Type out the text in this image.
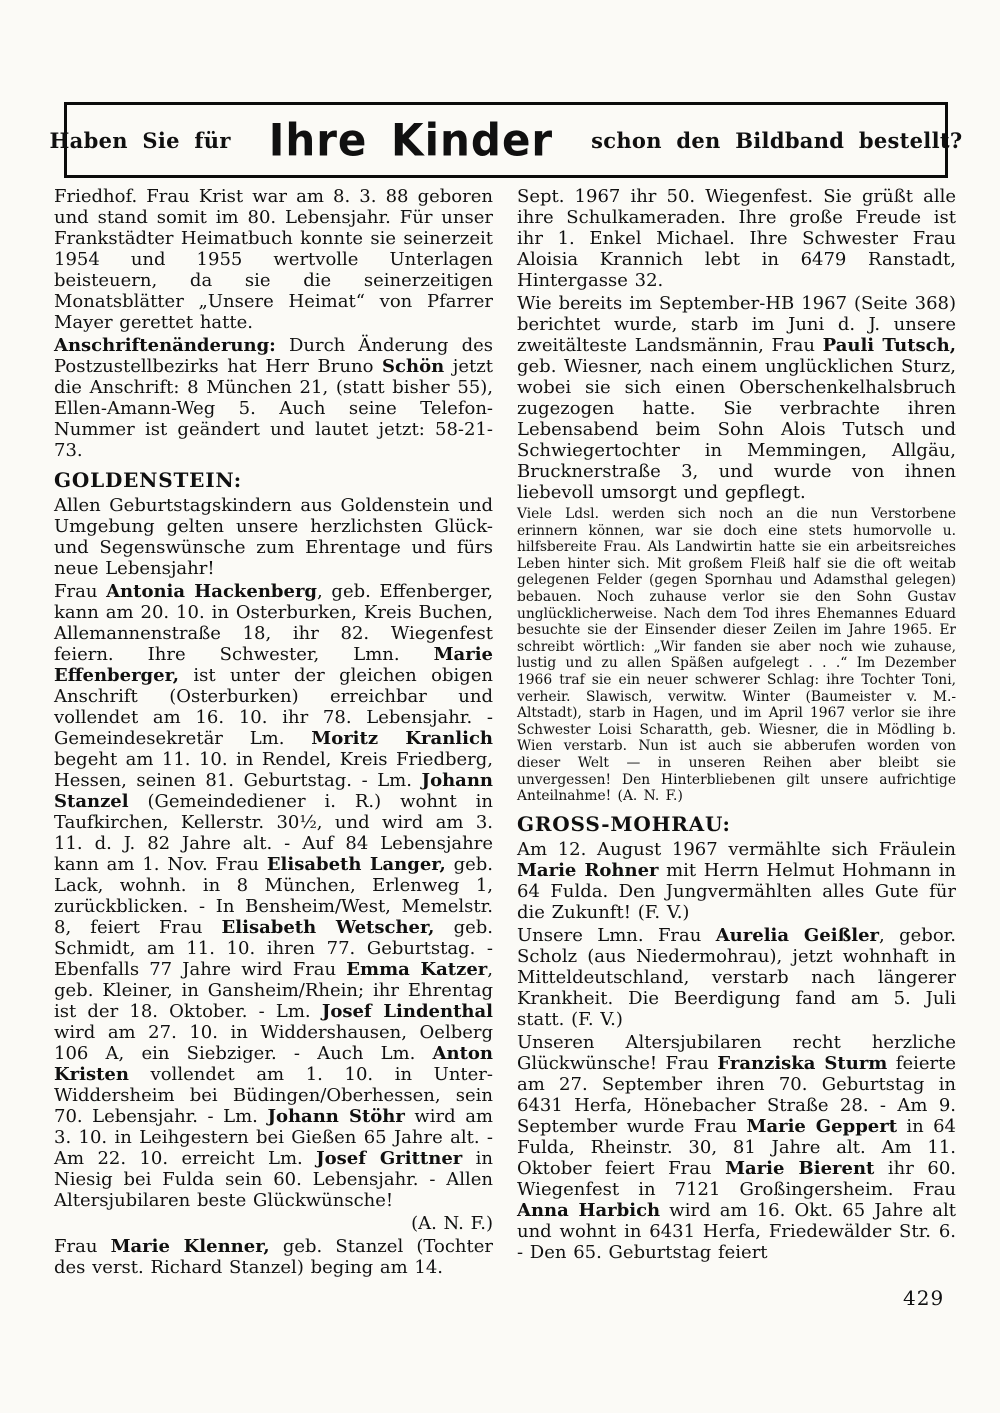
Haben Sie für Ihre Kinder schon den Bildband bestellt?

Friedhof. Frau Krist war am 8. 3. 88 geboren und stand somit im 80. Lebensjahr. Für unser Frankstädter Heimatbuch konnte sie seinerzeit 1954 und 1955 wertvolle Unterlagen beisteuern, da sie die seinerzeitigen Monatsblätter „Unsere Heimat“ von Pfarrer Mayer gerettet hatte.

Anschriftenänderung: Durch Änderung des Postzustellbezirks hat Herr Bruno Schön jetzt die Anschrift: 8 München 21, (statt bisher 55), Ellen-Amann-Weg 5. Auch seine Telefon-Nummer ist geändert und lautet jetzt: 58-21-73.

GOLDENSTEIN:

Allen Geburtstagskindern aus Goldenstein und Umgebung gelten unsere herzlichsten Glück- und Segenswünsche zum Ehrentage und fürs neue Lebensjahr!

Frau Antonia Hackenberg, geb. Effenberger, kann am 20. 10. in Osterburken, Kreis Buchen, Allemannenstraße 18, ihr 82. Wiegenfest feiern. Ihre Schwester, Lmn. Marie Effenberger, ist unter der gleichen obigen Anschrift (Osterburken) erreichbar und vollendet am 16. 10. ihr 78. Lebensjahr. - Gemeindesekretär Lm. Moritz Kranlich begeht am 11. 10. in Rendel, Kreis Friedberg, Hessen, seinen 81. Geburtstag. - Lm. Johann Stanzel (Gemeindediener i. R.) wohnt in Taufkirchen, Kellerstr. 30½, und wird am 3. 11. d. J. 82 Jahre alt. - Auf 84 Lebensjahre kann am 1. Nov. Frau Elisabeth Langer, geb. Lack, wohnh. in 8 München, Erlenweg 1, zurückblicken. - In Bensheim/West, Memelstr. 8, feiert Frau Elisabeth Wetscher, geb. Schmidt, am 11. 10. ihren 77. Geburtstag. - Ebenfalls 77 Jahre wird Frau Emma Katzer, geb. Kleiner, in Gansheim/Rhein; ihr Ehrentag ist der 18. Oktober. - Lm. Josef Lindenthal wird am 27. 10. in Widdershausen, Oelberg 106 A, ein Siebziger. - Auch Lm. Anton Kristen vollendet am 1. 10. in Unter-Widdersheim bei Büdingen/Oberhessen, sein 70. Lebensjahr. - Lm. Johann Stöhr wird am 3. 10. in Leihgestern bei Gießen 65 Jahre alt. - Am 22. 10. erreicht Lm. Josef Grittner in Niesig bei Fulda sein 60. Lebensjahr. - Allen Altersjubilaren beste Glückwünsche!

(A. N. F.)

Frau Marie Klenner, geb. Stanzel (Tochter des verst. Richard Stanzel) beging am 14.

Sept. 1967 ihr 50. Wiegenfest. Sie grüßt alle ihre Schulkameraden. Ihre große Freude ist ihr 1. Enkel Michael. Ihre Schwester Frau Aloisia Krannich lebt in 6479 Ranstadt, Hintergasse 32.

Wie bereits im September-HB 1967 (Seite 368) berichtet wurde, starb im Juni d. J. unsere zweitälteste Landsmännin, Frau Pauli Tutsch, geb. Wiesner, nach einem unglücklichen Sturz, wobei sie sich einen Oberschenkelhalsbruch zugezogen hatte. Sie verbrachte ihren Lebensabend beim Sohn Alois Tutsch und Schwiegertochter in Memmingen, Allgäu, Brucknerstraße 3, und wurde von ihnen liebevoll umsorgt und gepflegt.

Viele Ldsl. werden sich noch an die nun Verstorbene erinnern können, war sie doch eine stets humorvolle u. hilfsbereite Frau. Als Landwirtin hatte sie ein arbeitsreiches Leben hinter sich. Mit großem Fleiß half sie die oft weitab gelegenen Felder (gegen Spornhau und Adamsthal gelegen) bebauen. Noch zuhause verlor sie den Sohn Gustav unglücklicherweise. Nach dem Tod ihres Ehemannes Eduard besuchte sie der Einsender dieser Zeilen im Jahre 1965. Er schreibt wörtlich: „Wir fanden sie aber noch wie zuhause, lustig und zu allen Späßen aufgelegt . . .“ Im Dezember 1966 traf sie ein neuer schwerer Schlag: ihre Tochter Toni, verheir. Slawisch, verwitw. Winter (Baumeister v. M.-Altstadt), starb in Hagen, und im April 1967 verlor sie ihre Schwester Loisi Scharatth, geb. Wiesner, die in Mödling b. Wien verstarb. Nun ist auch sie abberufen worden von dieser Welt — in unseren Reihen aber bleibt sie unvergessen! Den Hinterbliebenen gilt unsere aufrichtige Anteilnahme! (A. N. F.)

GROSS-MOHRAU:

Am 12. August 1967 vermählte sich Fräulein Marie Rohner mit Herrn Helmut Hohmann in 64 Fulda. Den Jungvermählten alles Gute für die Zukunft! (F. V.)

Unsere Lmn. Frau Aurelia Geißler, gebor. Scholz (aus Niedermohrau), jetzt wohnhaft in Mitteldeutschland, verstarb nach längerer Krankheit. Die Beerdigung fand am 5. Juli statt. (F. V.)

Unseren Altersjubilaren recht herzliche Glückwünsche! Frau Franziska Sturm feierte am 27. September ihren 70. Geburtstag in 6431 Herfa, Hönebacher Straße 28. - Am 9. September wurde Frau Marie Geppert in 64 Fulda, Rheinstr. 30, 81 Jahre alt. Am 11. Oktober feiert Frau Marie Bierent ihr 60. Wiegenfest in 7121 Großingersheim. Frau Anna Harbich wird am 16. Okt. 65 Jahre alt und wohnt in 6431 Herfa, Friedewälder Str. 6. - Den 65. Geburtstag feiert

429
